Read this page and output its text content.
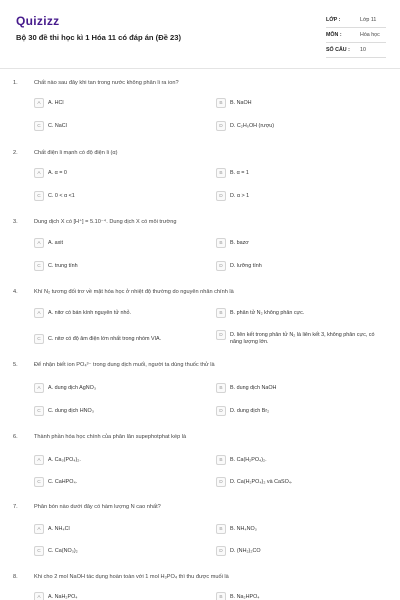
Quizizz
Bộ 30 đề thi học kì 1 Hóa 11 có đáp án (Đề 23)
LỚP :	Lớp 11
MÔN :	Hóa học
SỐ CÂU :	10
1.	Chất nào sau đây khi tan trong nước không phân li ra ion?
A	A. HCl	B	B. NaOH
C	C. NaCl	D	D. C₂H₅OH (rượu)
2.	Chất điện li mạnh có độ điện li (α)
A	A. α = 0	B	B. α = 1
C	C. 0 < α <1	D	D. α > 1
3.	Dung dịch X có [H⁺] = 5.10⁻⁴. Dung dịch X có môi trường
A	A. axit	B	B. bazơ
C	C. trung tính	D	D. lưỡng tính
4.	Khí N₂ tương đối trơ về mặt hóa học ở nhiệt độ thường do nguyên nhân chính là
A	A. nitơ có bán kính nguyên tử nhỏ.	B	B. phân tử N₂ không phân cực.
C	C. nitơ có độ âm điện lớn nhất trong nhóm VIA.
D	D. liên kết trong phân tử N₂ là liên kết 3, không phân cực, có năng lượng lớn.
5.	Để nhận biết ion PO₄³⁻ trong dung dịch muối, người ta dùng thuốc thử là
A	A. dung dịch AgNO₃	B	B. dung dịch NaOH
C	C. dung dịch HNO₃	D	D. dung dịch Br₂
6.	Thành phần hóa học chính của phân lân supephotphat kép là
A	A. Ca₃(PO₄)₂.	B	B. Ca(H₂PO₄)₂.
C	C. CaHPO₄.	D	D. Ca(H₂PO₄)₂ và CaSO₄.
7.	Phân bón nào dưới đây có hàm lượng N cao nhất?
A	A. NH₄Cl	B	B. NH₄NO₃
C	C. Ca(NO₃)₂	D	D. (NH₂)₂CO
8.	Khi cho 2 mol NaOH tác dụng hoàn toàn với 1 mol H₃PO₄ thì thu được muối là
A	A. NaH₂PO₄	B	B. Na₂HPO₄
